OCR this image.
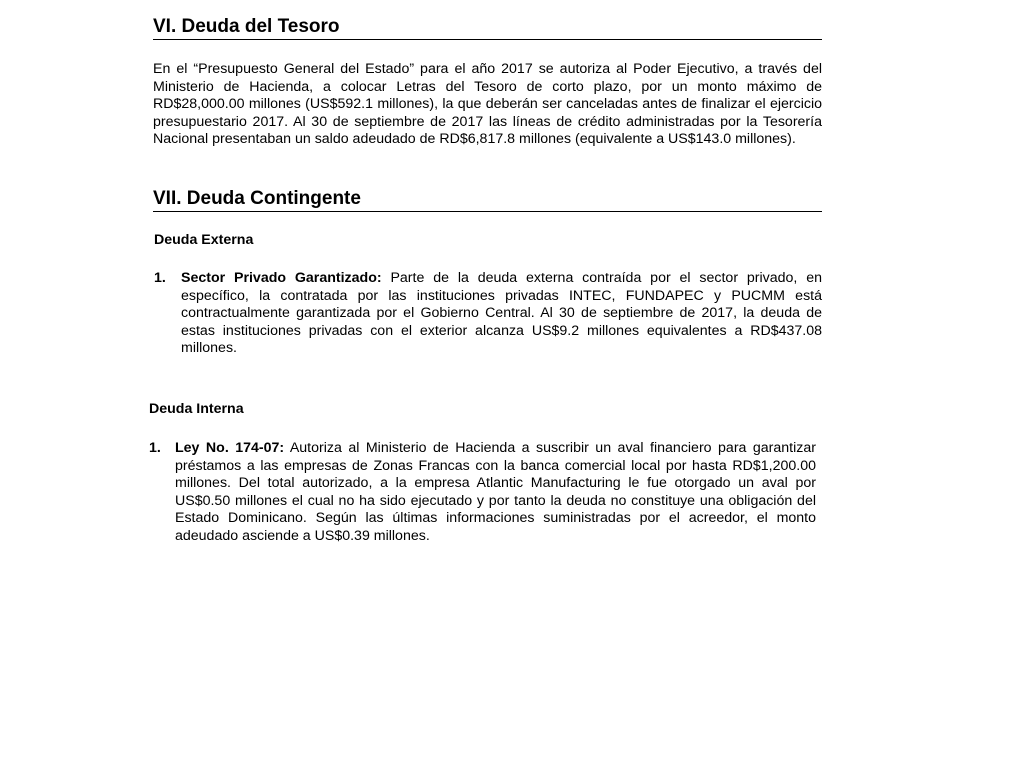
VI. Deuda del Tesoro

En el “Presupuesto General del Estado” para el año 2017 se autoriza al Poder Ejecutivo, a través del Ministerio de Hacienda, a colocar Letras del Tesoro de corto plazo, por un monto máximo de RD$28,000.00 millones (US$592.1 millones), la que deberán ser canceladas antes de finalizar el ejercicio presupuestario 2017. Al 30 de septiembre de 2017 las líneas de crédito administradas por la Tesorería Nacional presentaban un saldo adeudado de RD$6,817.8 millones (equivalente a US$143.0 millones).

VII. Deuda Contingente
Deuda Externa
1. Sector Privado Garantizado: Parte de la deuda externa contraída por el sector privado, en específico, la contratada por las instituciones privadas INTEC, FUNDAPEC y PUCMM está contractualmente garantizada por el Gobierno Central. Al 30 de septiembre de 2017, la deuda de estas instituciones privadas con el exterior alcanza US$9.2 millones equivalentes a RD$437.08 millones.

Deuda Interna
1. Ley No. 174-07: Autoriza al Ministerio de Hacienda a suscribir un aval financiero para garantizar préstamos a las empresas de Zonas Francas con la banca comercial local por hasta RD$1,200.00 millones. Del total autorizado, a la empresa Atlantic Manufacturing le fue otorgado un aval por US$0.50 millones el cual no ha sido ejecutado y por tanto la deuda no constituye una obligación del Estado Dominicano. Según las últimas informaciones suministradas por el acreedor, el monto adeudado asciende a US$0.39 millones.
